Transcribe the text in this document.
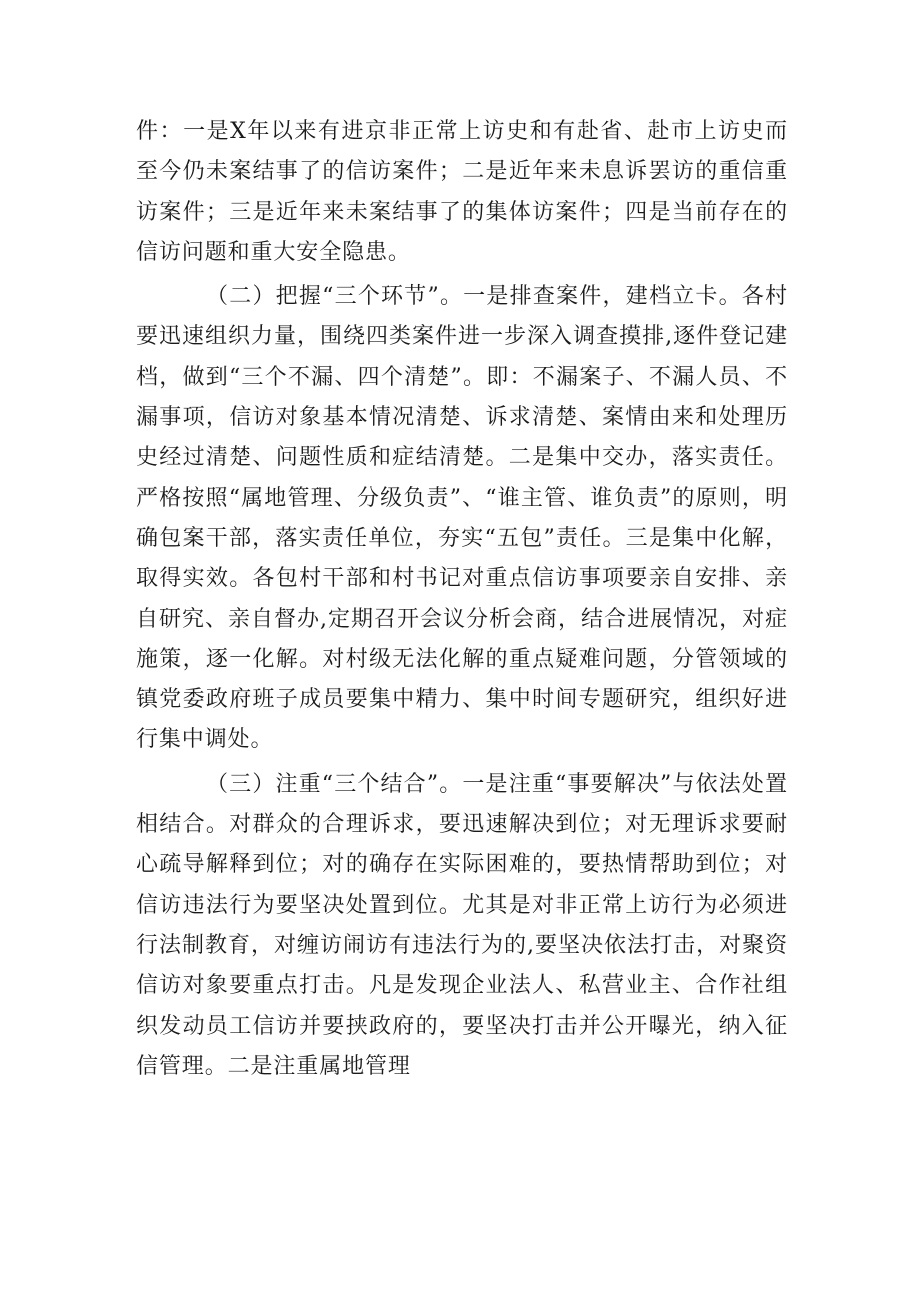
件：一是X年以来有进京非正常上访史和有赴省、赴市上访史而至今仍未案结事了的信访案件；二是近年来未息诉罢访的重信重访案件；三是近年来未案结事了的集体访案件；四是当前存在的信访问题和重大安全隐患。

（二）把握“三个环节”。一是排查案件，建档立卡。各村要迅速组织力量，围绕四类案件进一步深入调查摸排,逐件登记建档，做到“三个不漏、四个清楚”。即：不漏案子、不漏人员、不漏事项，信访对象基本情况清楚、诉求清楚、案情由来和处理历史经过清楚、问题性质和症结清楚。二是集中交办，落实责任。严格按照“属地管理、分级负责”、“谁主管、谁负责”的原则，明确包案干部，落实责任单位，夯实“五包”责任。三是集中化解，取得实效。各包村干部和村书记对重点信访事项要亲自安排、亲自研究、亲自督办,定期召开会议分析会商，结合进展情况，对症施策，逐一化解。对村级无法化解的重点疑难问题，分管领域的镇党委政府班子成员要集中精力、集中时间专题研究，组织好进行集中调处。

（三）注重“三个结合”。一是注重“事要解决”与依法处置相结合。对群众的合理诉求，要迅速解决到位；对无理诉求要耐心疏导解释到位；对的确存在实际困难的，要热情帮助到位；对信访违法行为要坚决处置到位。尤其是对非正常上访行为必须进行法制教育，对缠访闹访有违法行为的,要坚决依法打击，对聚资信访对象要重点打击。凡是发现企业法人、私营业主、合作社组织发动员工信访并要挟政府的，要坚决打击并公开曝光，纳入征信管理。二是注重属地管理
